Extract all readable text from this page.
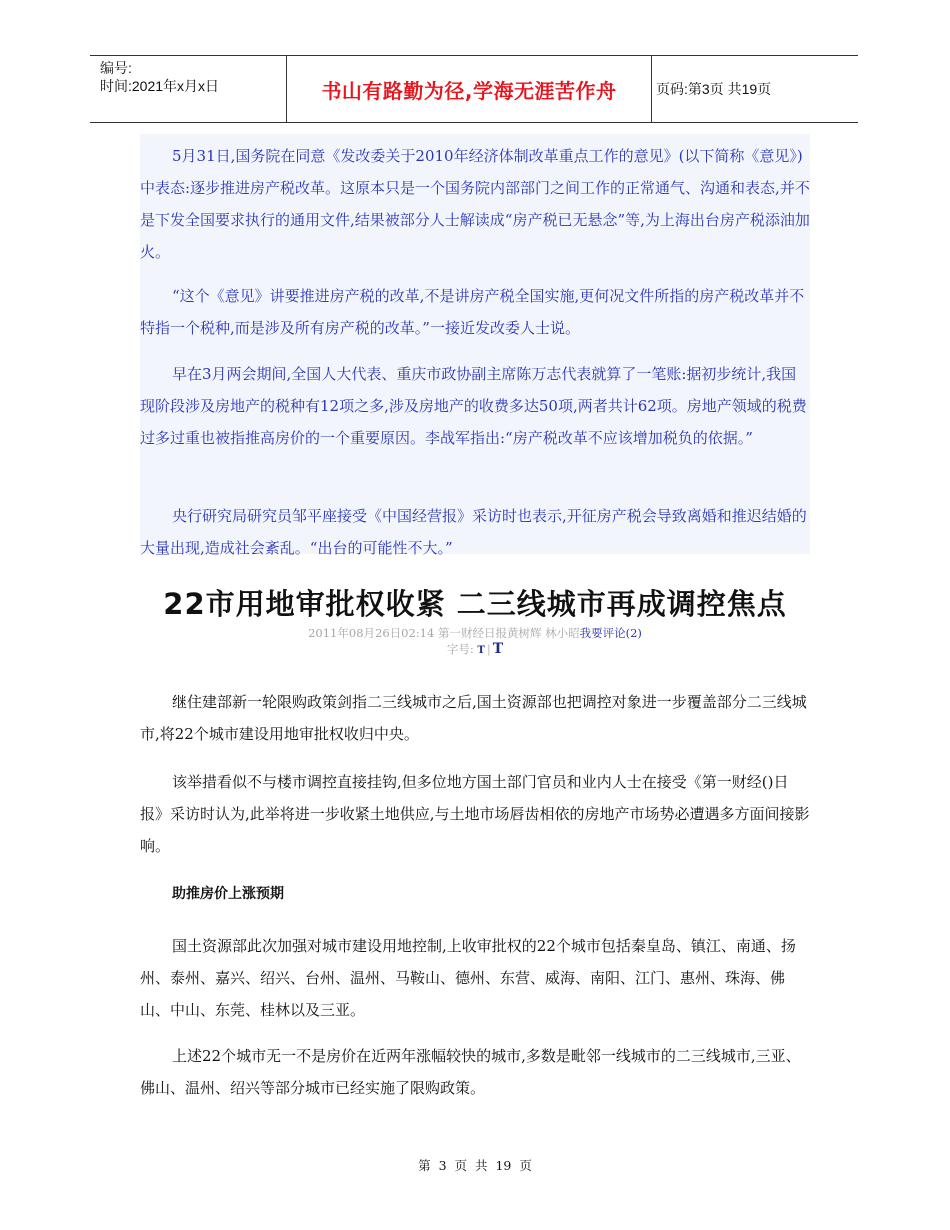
编号:
时间:2021年x月x日	书山有路勤为径,学海无涯苦作舟	页码:第3页 共19页

5月31日,国务院在同意《发改委关于2010年经济体制改革重点工作的意见》(以下简称《意见》)中表态:逐步推进房产税改革。这原本只是一个国务院内部部门之间工作的正常通气、沟通和表态,并不是下发全国要求执行的通用文件,结果被部分人士解读成“房产税已无悬念”等,为上海出台房产税添油加火。

“这个《意见》讲要推进房产税的改革,不是讲房产税全国实施,更何况文件所指的房产税改革并不特指一个税种,而是涉及所有房产税的改革。”一接近发改委人士说。

早在3月两会期间,全国人大代表、重庆市政协副主席陈万志代表就算了一笔账:据初步统计,我国现阶段涉及房地产的税种有12项之多,涉及房地产的收费多达50项,两者共计62项。房地产领域的税费过多过重也被指推高房价的一个重要原因。李战军指出:“房产税改革不应该增加税负的依据。”

央行研究局研究员邹平座接受《中国经营报》采访时也表示,开征房产税会导致离婚和推迟结婚的大量出现,造成社会紊乱。“出台的可能性不大。”

22市用地审批权收紧 二三线城市再成调控焦点
2011年08月26日02:14 第一财经日报黄树辉 林小昭我要评论(2)
字号: T | T

继住建部新一轮限购政策剑指二三线城市之后,国土资源部也把调控对象进一步覆盖部分二三线城市,将22个城市建设用地审批权收归中央。

该举措看似不与楼市调控直接挂钩,但多位地方国土部门官员和业内人士在接受《第一财经()日报》采访时认为,此举将进一步收紧土地供应,与土地市场唇齿相依的房地产市场势必遭遇多方面间接影响。

助推房价上涨预期

国土资源部此次加强对城市建设用地控制,上收审批权的22个城市包括秦皇岛、镇江、南通、扬州、泰州、嘉兴、绍兴、台州、温州、马鞍山、德州、东营、威海、南阳、江门、惠州、珠海、佛山、中山、东莞、桂林以及三亚。

上述22个城市无一不是房价在近两年涨幅较快的城市,多数是毗邻一线城市的二三线城市,三亚、佛山、温州、绍兴等部分城市已经实施了限购政策。

第 3 页 共 19 页
